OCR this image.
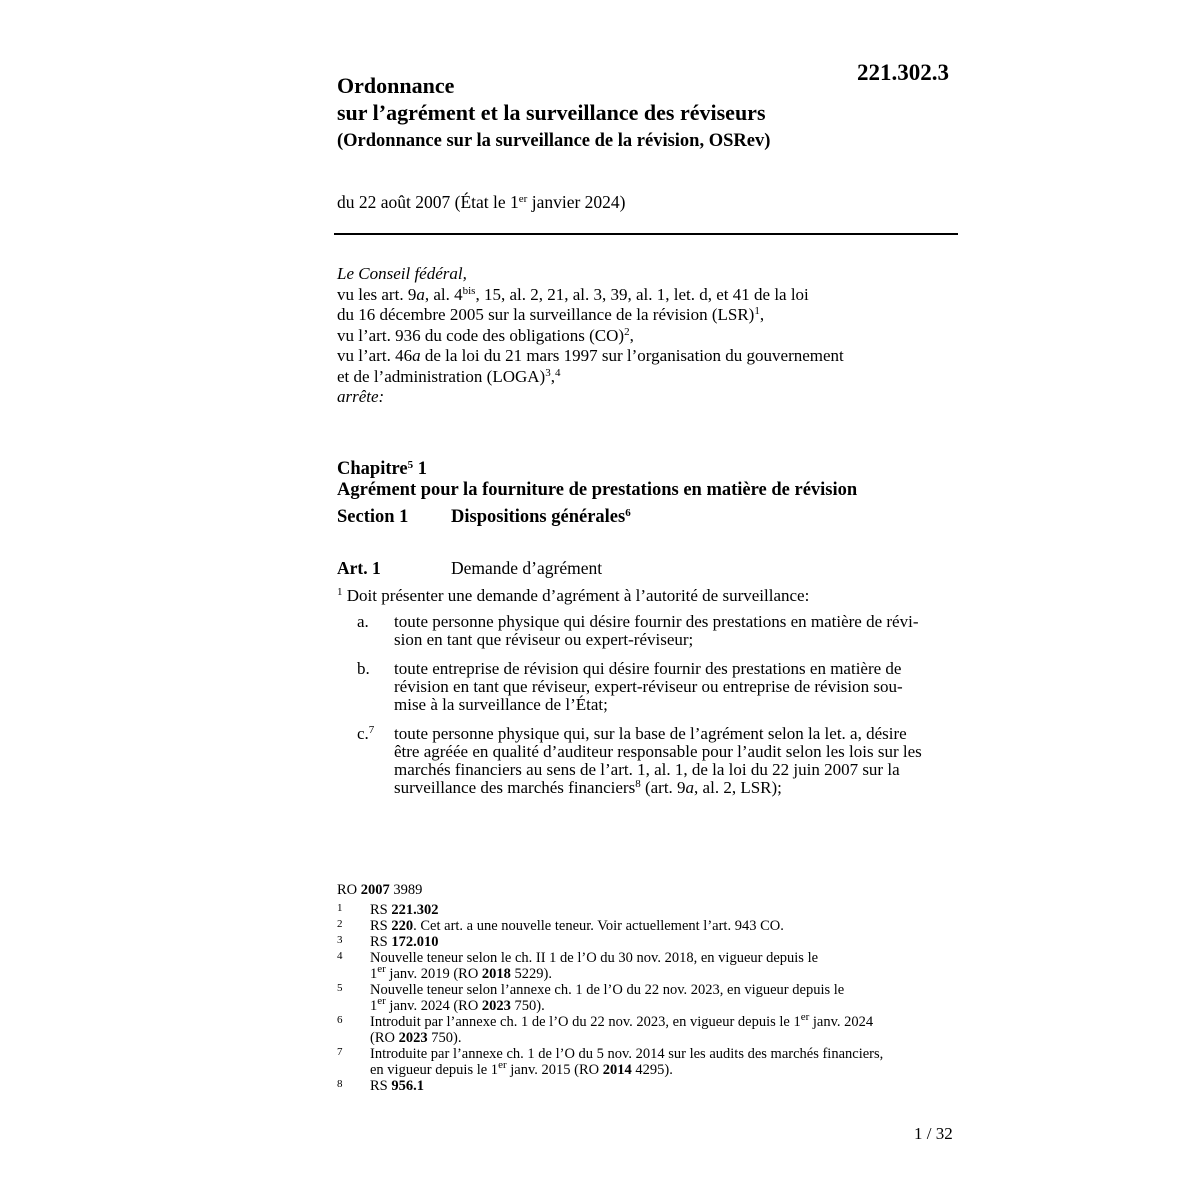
221.302.3
Ordonnance
sur l’agrément et la surveillance des réviseurs
(Ordonnance sur la surveillance de la révision, OSRev)
du 22 août 2007 (État le 1er janvier 2024)
Le Conseil fédéral,
vu les art. 9a, al. $4^{bis}$, 15, al. 2, 21, al. 3, 39, al. 1, let. d, et 41 de la loi
du 16 décembre 2005 sur la surveillance de la révision (LSR)$^1$,
vu l’art. 936 du code des obligations (CO)$^2$,
vu l’art. 46a de la loi du 21 mars 1997 sur l’organisation du gouvernement
et de l’administration (LOGA)$^3$,$^4$
arrête:
Chapitre$^5$ 1
Agrément pour la fourniture de prestations en matière de révision
Section 1 Dispositions générales$^6$
Art. 1	Demande d’agrément
$^1$ Doit présenter une demande d’agrément à l’autorité de surveillance:
a.	toute personne physique qui désire fournir des prestations en matière de révi-
sion en tant que réviseur ou expert-réviseur;
b.	toute entreprise de révision qui désire fournir des prestations en matière de
révision en tant que réviseur, expert-réviseur ou entreprise de révision sou-
mise à la surveillance de l’État;
c.$^7$	toute personne physique qui, sur la base de l’agrément selon la let. a, désire
être agréée en qualité d’auditeur responsable pour l’audit selon les lois sur les
marchés financiers au sens de l’art. 1, al. 1, de la loi du 22 juin 2007 sur la
surveillance des marchés financiers$^8$ (art. 9a, al. 2, LSR);
RO 2007 3989
1	RS 221.302
2	RS 220. Cet art. a une nouvelle teneur. Voir actuellement l’art. 943 CO.
3	RS 172.010
4	Nouvelle teneur selon le ch. II 1 de l’O du 30 nov. 2018, en vigueur depuis le
1er janv. 2019 (RO 2018 5229).
5	Nouvelle teneur selon l’annexe ch. 1 de l’O du 22 nov. 2023, en vigueur depuis le
1er janv. 2024 (RO 2023 750).
6	Introduit par l’annexe ch. 1 de l’O du 22 nov. 2023, en vigueur depuis le 1er janv. 2024
(RO 2023 750).
7	Introduite par l’annexe ch. 1 de l’O du 5 nov. 2014 sur les audits des marchés financiers,
en vigueur depuis le 1er janv. 2015 (RO 2014 4295).
8	RS 956.1
1 / 32
